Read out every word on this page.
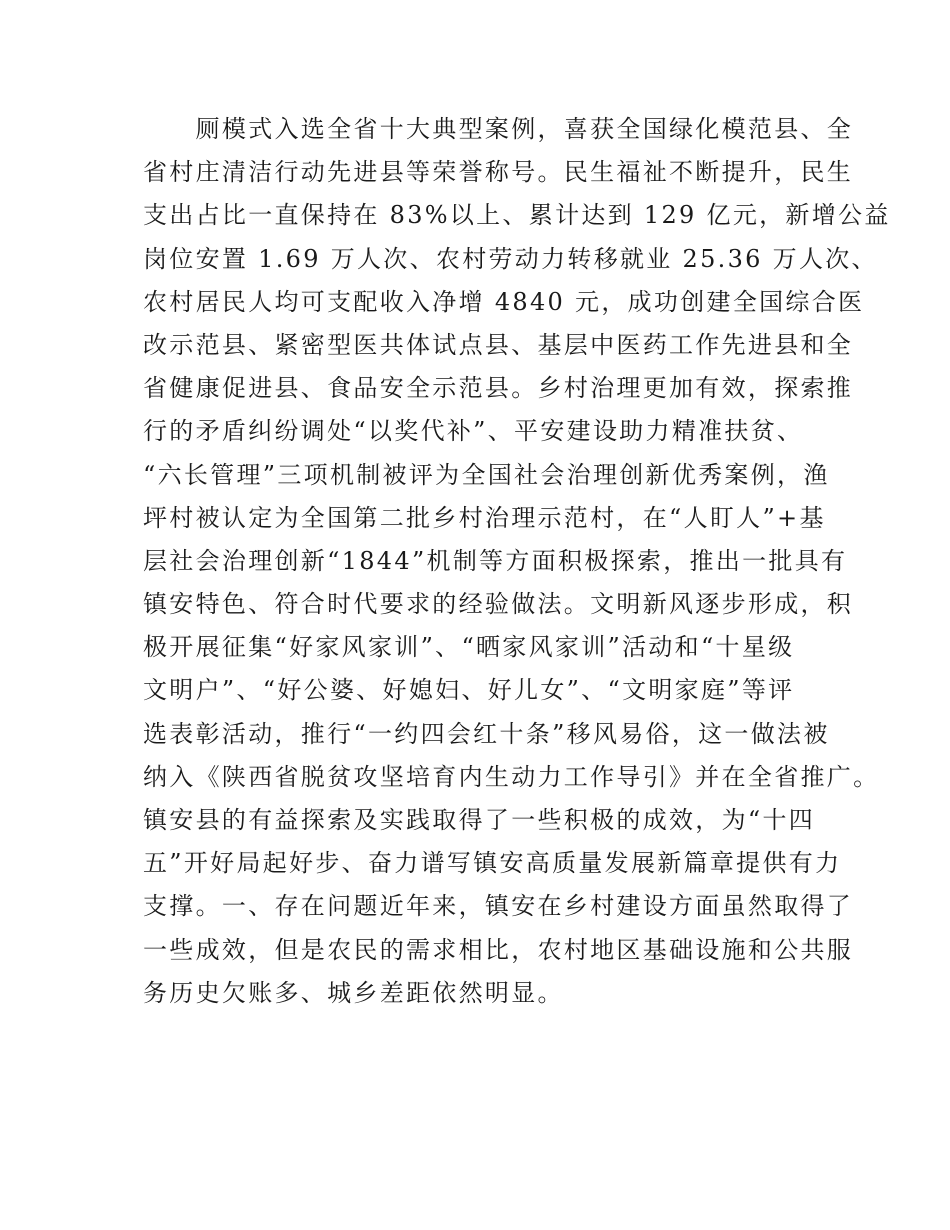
　　厕模式入选全省十大典型案例，喜获全国绿化模范县、全
省村庄清洁行动先进县等荣誉称号。民生福祉不断提升，民生
支出占比一直保持在 83%以上、累计达到 129 亿元，新增公益
岗位安置 1.69 万人次、农村劳动力转移就业 25.36 万人次、
农村居民人均可支配收入净增 4840 元，成功创建全国综合医
改示范县、紧密型医共体试点县、基层中医药工作先进县和全
省健康促进县、食品安全示范县。乡村治理更加有效，探索推
行的矛盾纠纷调处“以奖代补”、平安建设助力精准扶贫、
“六长管理”三项机制被评为全国社会治理创新优秀案例，渔
坪村被认定为全国第二批乡村治理示范村，在“人盯人”+基
层社会治理创新“1844”机制等方面积极探索，推出一批具有
镇安特色、符合时代要求的经验做法。文明新风逐步形成，积
极开展征集“好家风家训”、“晒家风家训”活动和“十星级
文明户”、“好公婆、好媳妇、好儿女”、“文明家庭”等评
选表彰活动，推行“一约四会红十条”移风易俗，这一做法被
纳入《陕西省脱贫攻坚培育内生动力工作导引》并在全省推广。
镇安县的有益探索及实践取得了一些积极的成效，为“十四
五”开好局起好步、奋力谱写镇安高质量发展新篇章提供有力
支撑。一、存在问题近年来，镇安在乡村建设方面虽然取得了
一些成效，但是农民的需求相比，农村地区基础设施和公共服
务历史欠账多、城乡差距依然明显。
